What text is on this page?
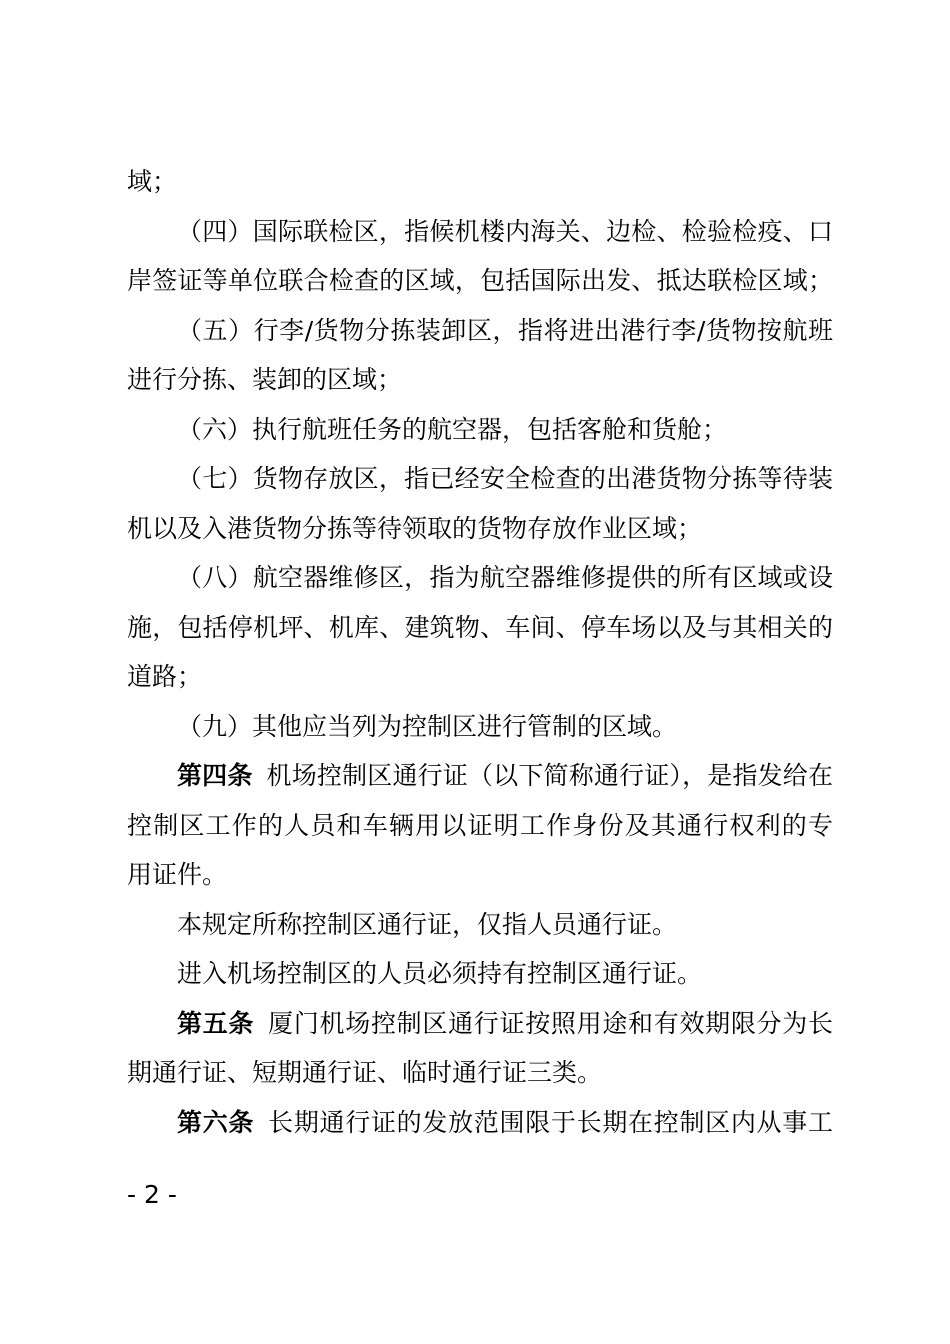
域；
（四）国际联检区，指候机楼内海关、边检、检验检疫、口
岸签证等单位联合检查的区域，包括国际出发、抵达联检区域；
（五）行李/货物分拣装卸区，指将进出港行李/货物按航班
进行分拣、装卸的区域；
（六）执行航班任务的航空器，包括客舱和货舱；
（七）货物存放区，指已经安全检查的出港货物分拣等待装
机以及入港货物分拣等待领取的货物存放作业区域；
（八）航空器维修区，指为航空器维修提供的所有区域或设
施，包括停机坪、机库、建筑物、车间、停车场以及与其相关的
道路；
（九）其他应当列为控制区进行管制的区域。
第四条 机场控制区通行证（以下简称通行证），是指发给在
控制区工作的人员和车辆用以证明工作身份及其通行权利的专
用证件。
本规定所称控制区通行证，仅指人员通行证。
进入机场控制区的人员必须持有控制区通行证。
第五条 厦门机场控制区通行证按照用途和有效期限分为长
期通行证、短期通行证、临时通行证三类。
第六条 长期通行证的发放范围限于长期在控制区内从事工
- 2 -
